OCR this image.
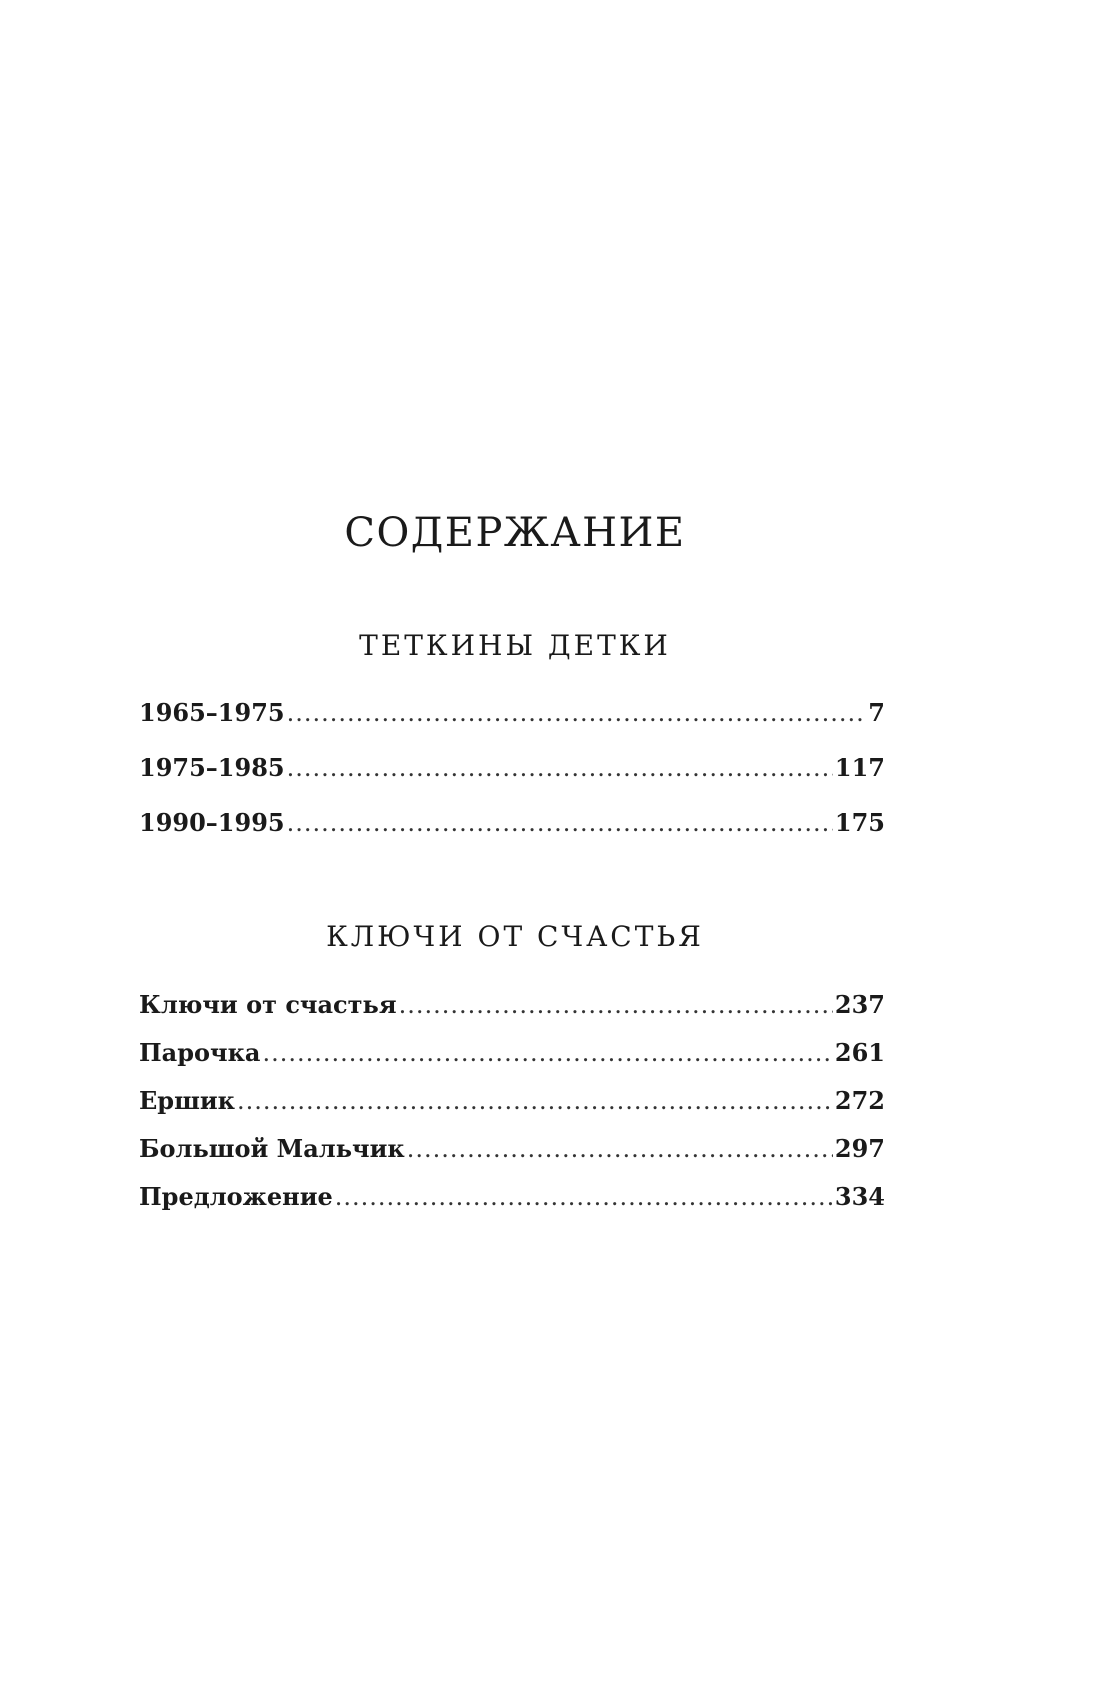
СОДЕРЖАНИЕ
ТЕТКИНЫ ДЕТКИ
1965–1975 .....	7
1975–1985 .....	117
1990–1995 .....	175
КЛЮЧИ ОТ СЧАСТЬЯ
Ключи от счастья .....	237
Парочка .....	261
Ершик .....	272
Большой Мальчик .....	297
Предложение .....	334
